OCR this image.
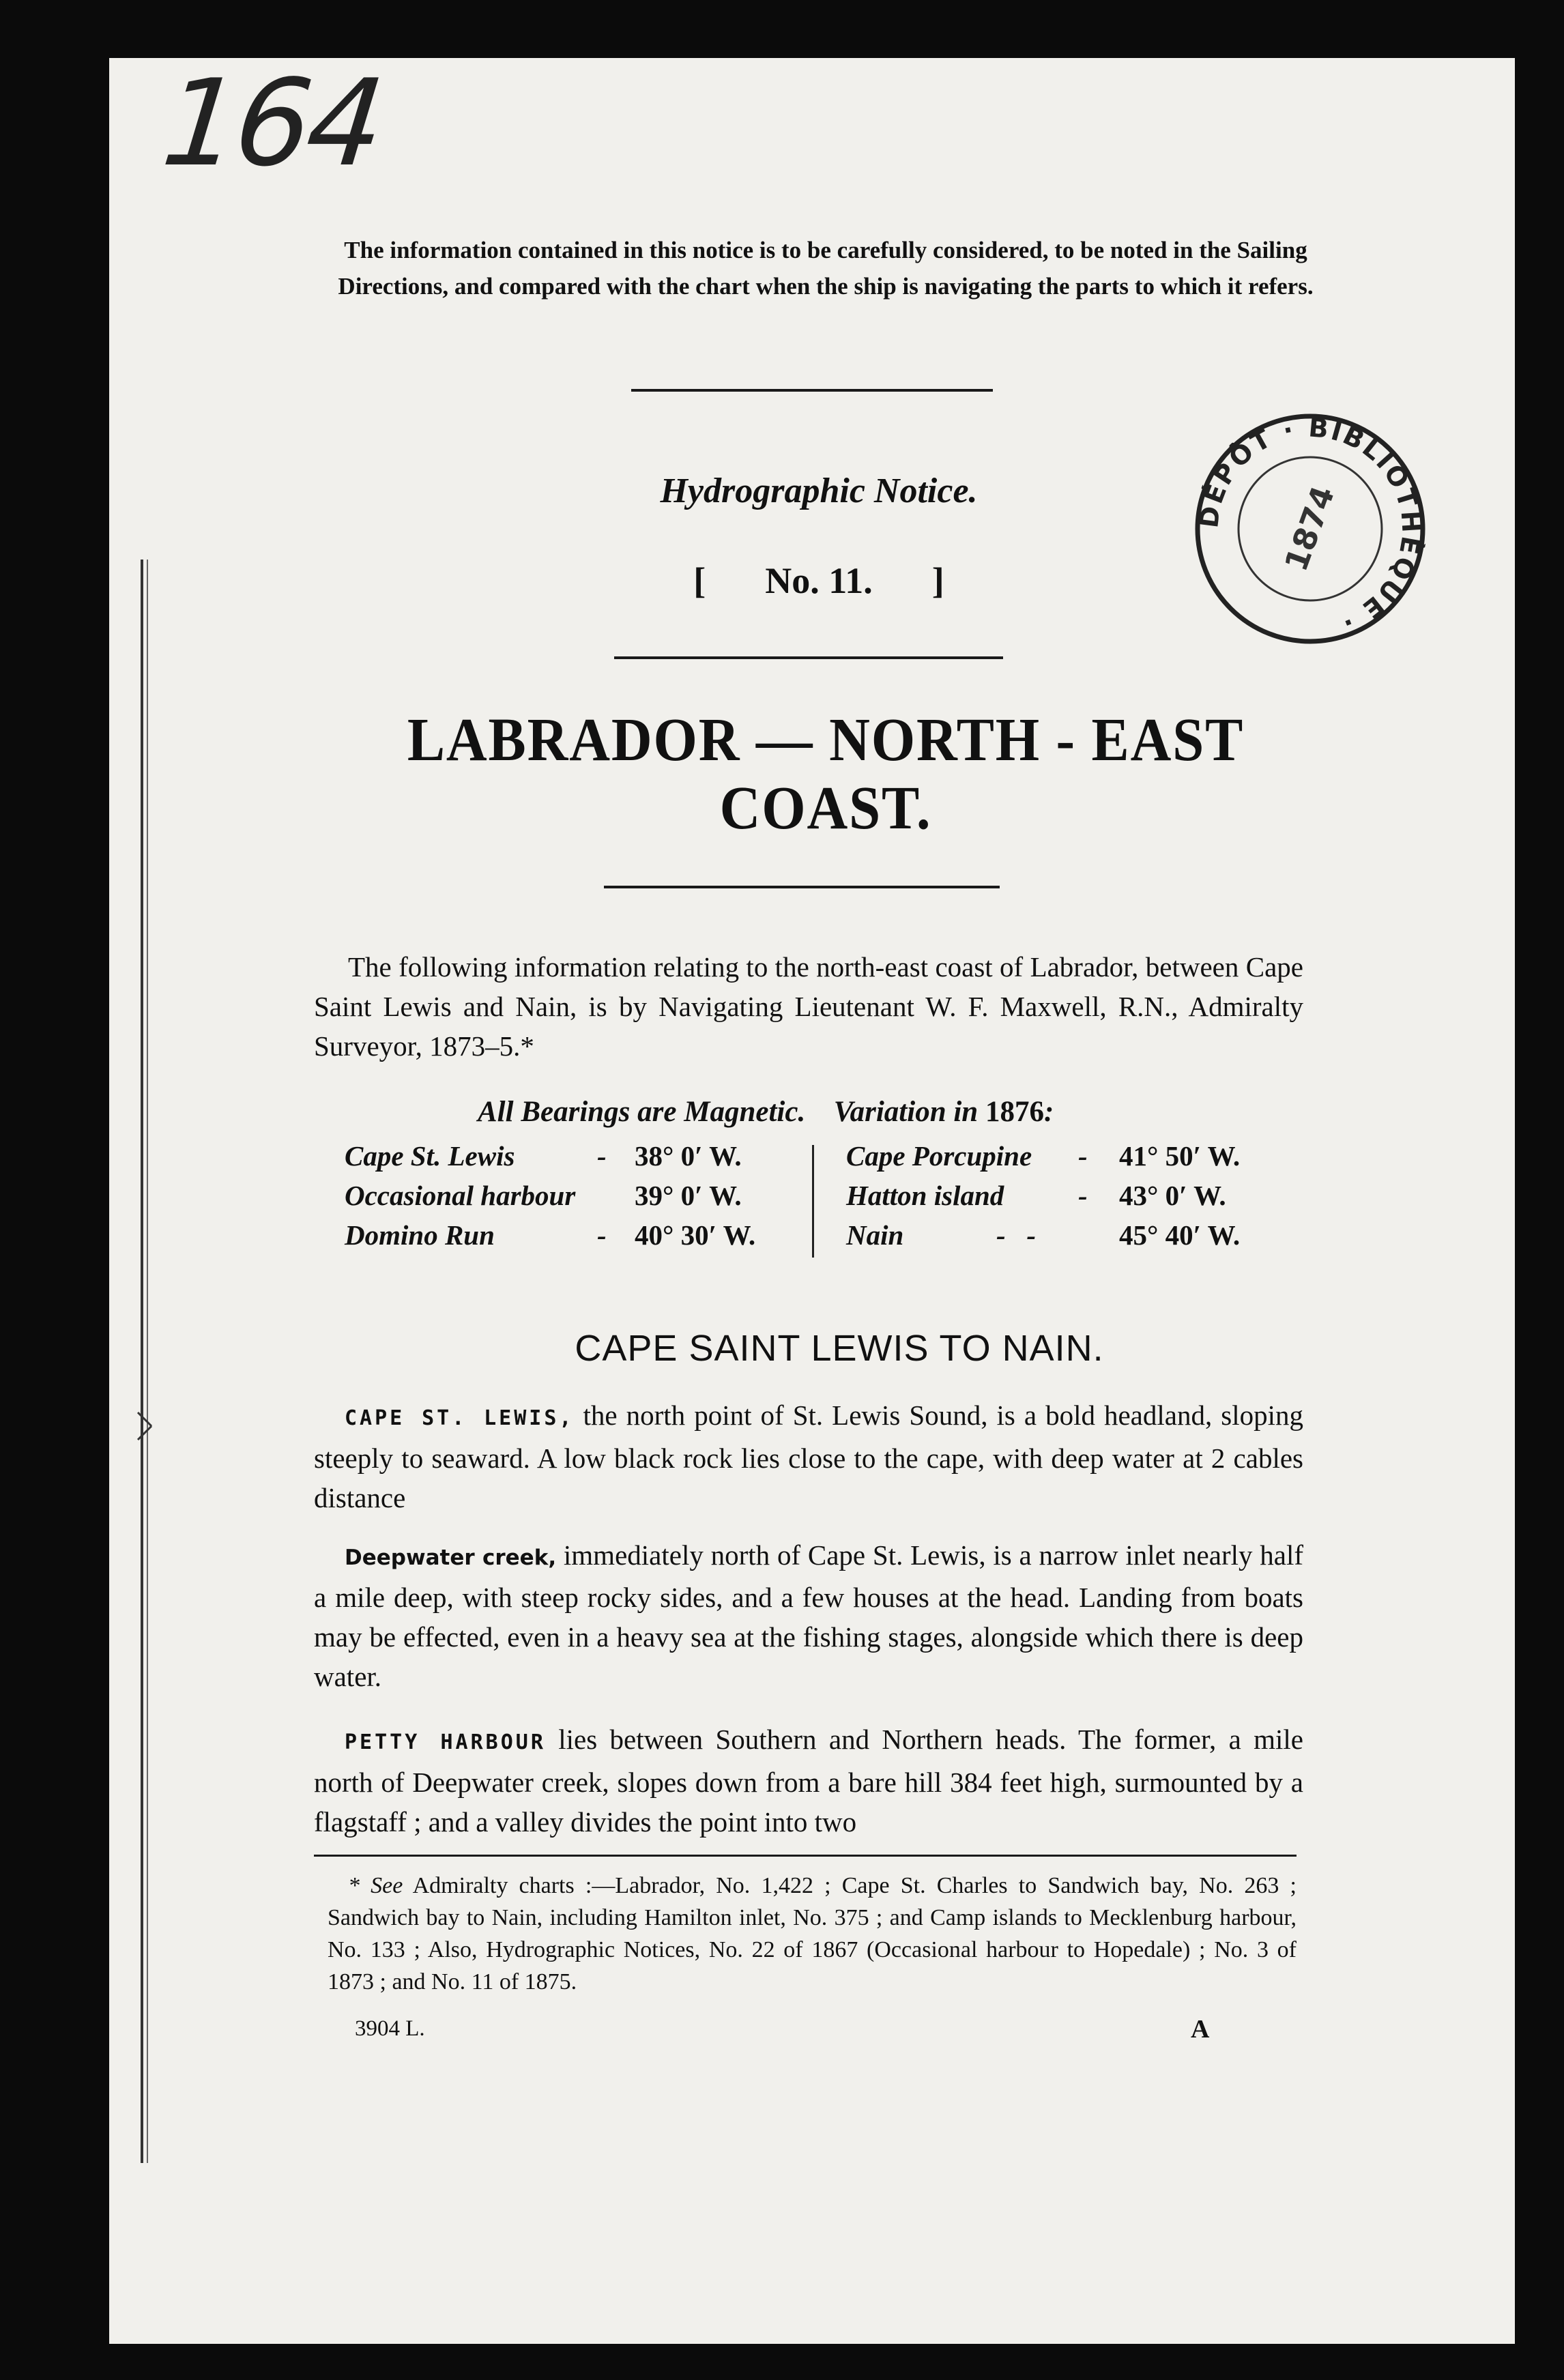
164
The information contained in this notice is to be carefully considered, to be noted in the Sailing Directions, and compared with the chart when the ship is navigating the parts to which it refers.
DÉPÔT · BIBLIOTHÈQUE ·
1874
Hydrographic Notice.
[ No. 11. ]
LABRADOR — NORTH - EAST
COAST.
The following information relating to the north-east coast of Labrador, between Cape Saint Lewis and Nain, is by Navigating Lieutenant W. F. Maxwell, R.N., Admiralty Surveyor, 1873–5.*
All Bearings are Magnetic. Variation in 1876:
Cape St. Lewis	-	38° 0′ W.
Occasional harbour	39° 0′ W.
Domino Run	-	40° 30′ W.
Cape Porcupine	-	41° 50′ W.
Hatton island	-	43° 0′ W.
Nain	-   -	45° 40′ W.
CAPE SAINT LEWIS TO NAIN.
CAPE ST. LEWIS, the north point of St. Lewis Sound, is a bold headland, sloping steeply to seaward. A low black rock lies close to the cape, with deep water at 2 cables distance
Deepwater creek, immediately north of Cape St. Lewis, is a narrow inlet nearly half a mile deep, with steep rocky sides, and a few houses at the head. Landing from boats may be effected, even in a heavy sea at the fishing stages, alongside which there is deep water.
PETTY HARBOUR lies between Southern and Northern heads. The former, a mile north of Deepwater creek, slopes down from a bare hill 384 feet high, surmounted by a flagstaff ; and a valley divides the point into two
* See Admiralty charts :—Labrador, No. 1,422 ; Cape St. Charles to Sandwich bay, No. 263 ; Sandwich bay to Nain, including Hamilton inlet, No. 375 ; and Camp islands to Mecklenburg harbour, No. 133 ; Also, Hydrographic Notices, No. 22 of 1867 (Occasional harbour to Hopedale) ; No. 3 of 1873 ; and No. 11 of 1875.
3904 L.	A
